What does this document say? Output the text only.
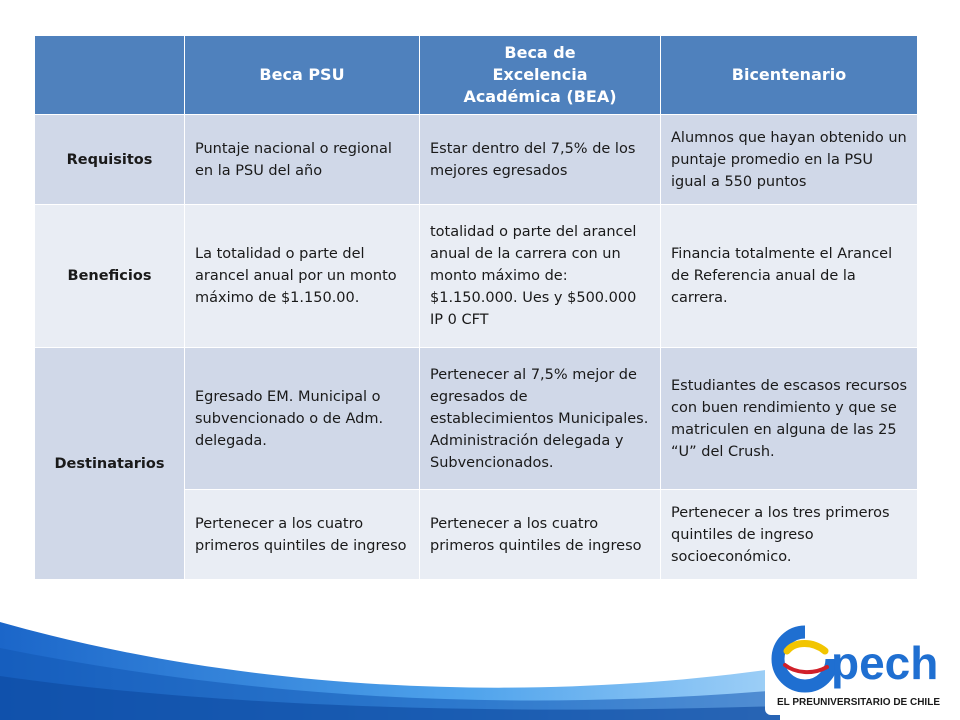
	Beca PSU	Beca de Excelencia Académica (BEA)	Bicentenario
Requisitos	Puntaje nacional o regional en la PSU del año	Estar dentro del 7,5% de los mejores egresados	Alumnos que hayan obtenido un puntaje promedio en la PSU igual a 550 puntos
Beneficios	La totalidad o parte del arancel anual por un monto máximo de $1.150.00.	totalidad o parte del arancel anual de la carrera con un monto máximo de: $1.150.000. Ues y $500.000 IP 0 CFT	Financia totalmente el Arancel de Referencia anual de la carrera.
Destinatarios	Egresado EM. Municipal o subvencionado o de Adm. delegada.	Pertenecer al 7,5% mejor de egresados de establecimientos Municipales. Administración delegada y Subvencionados.	Estudiantes de escasos recursos con buen rendimiento y que se matriculen en alguna de las 25 “U” del Crush.
	Pertenecer a los cuatro primeros quintiles de ingreso	Pertenecer a los cuatro primeros quintiles de ingreso	Pertenecer a los tres primeros quintiles de ingreso socioeconómico.
pech
EL PREUNIVERSITARIO DE CHILE
